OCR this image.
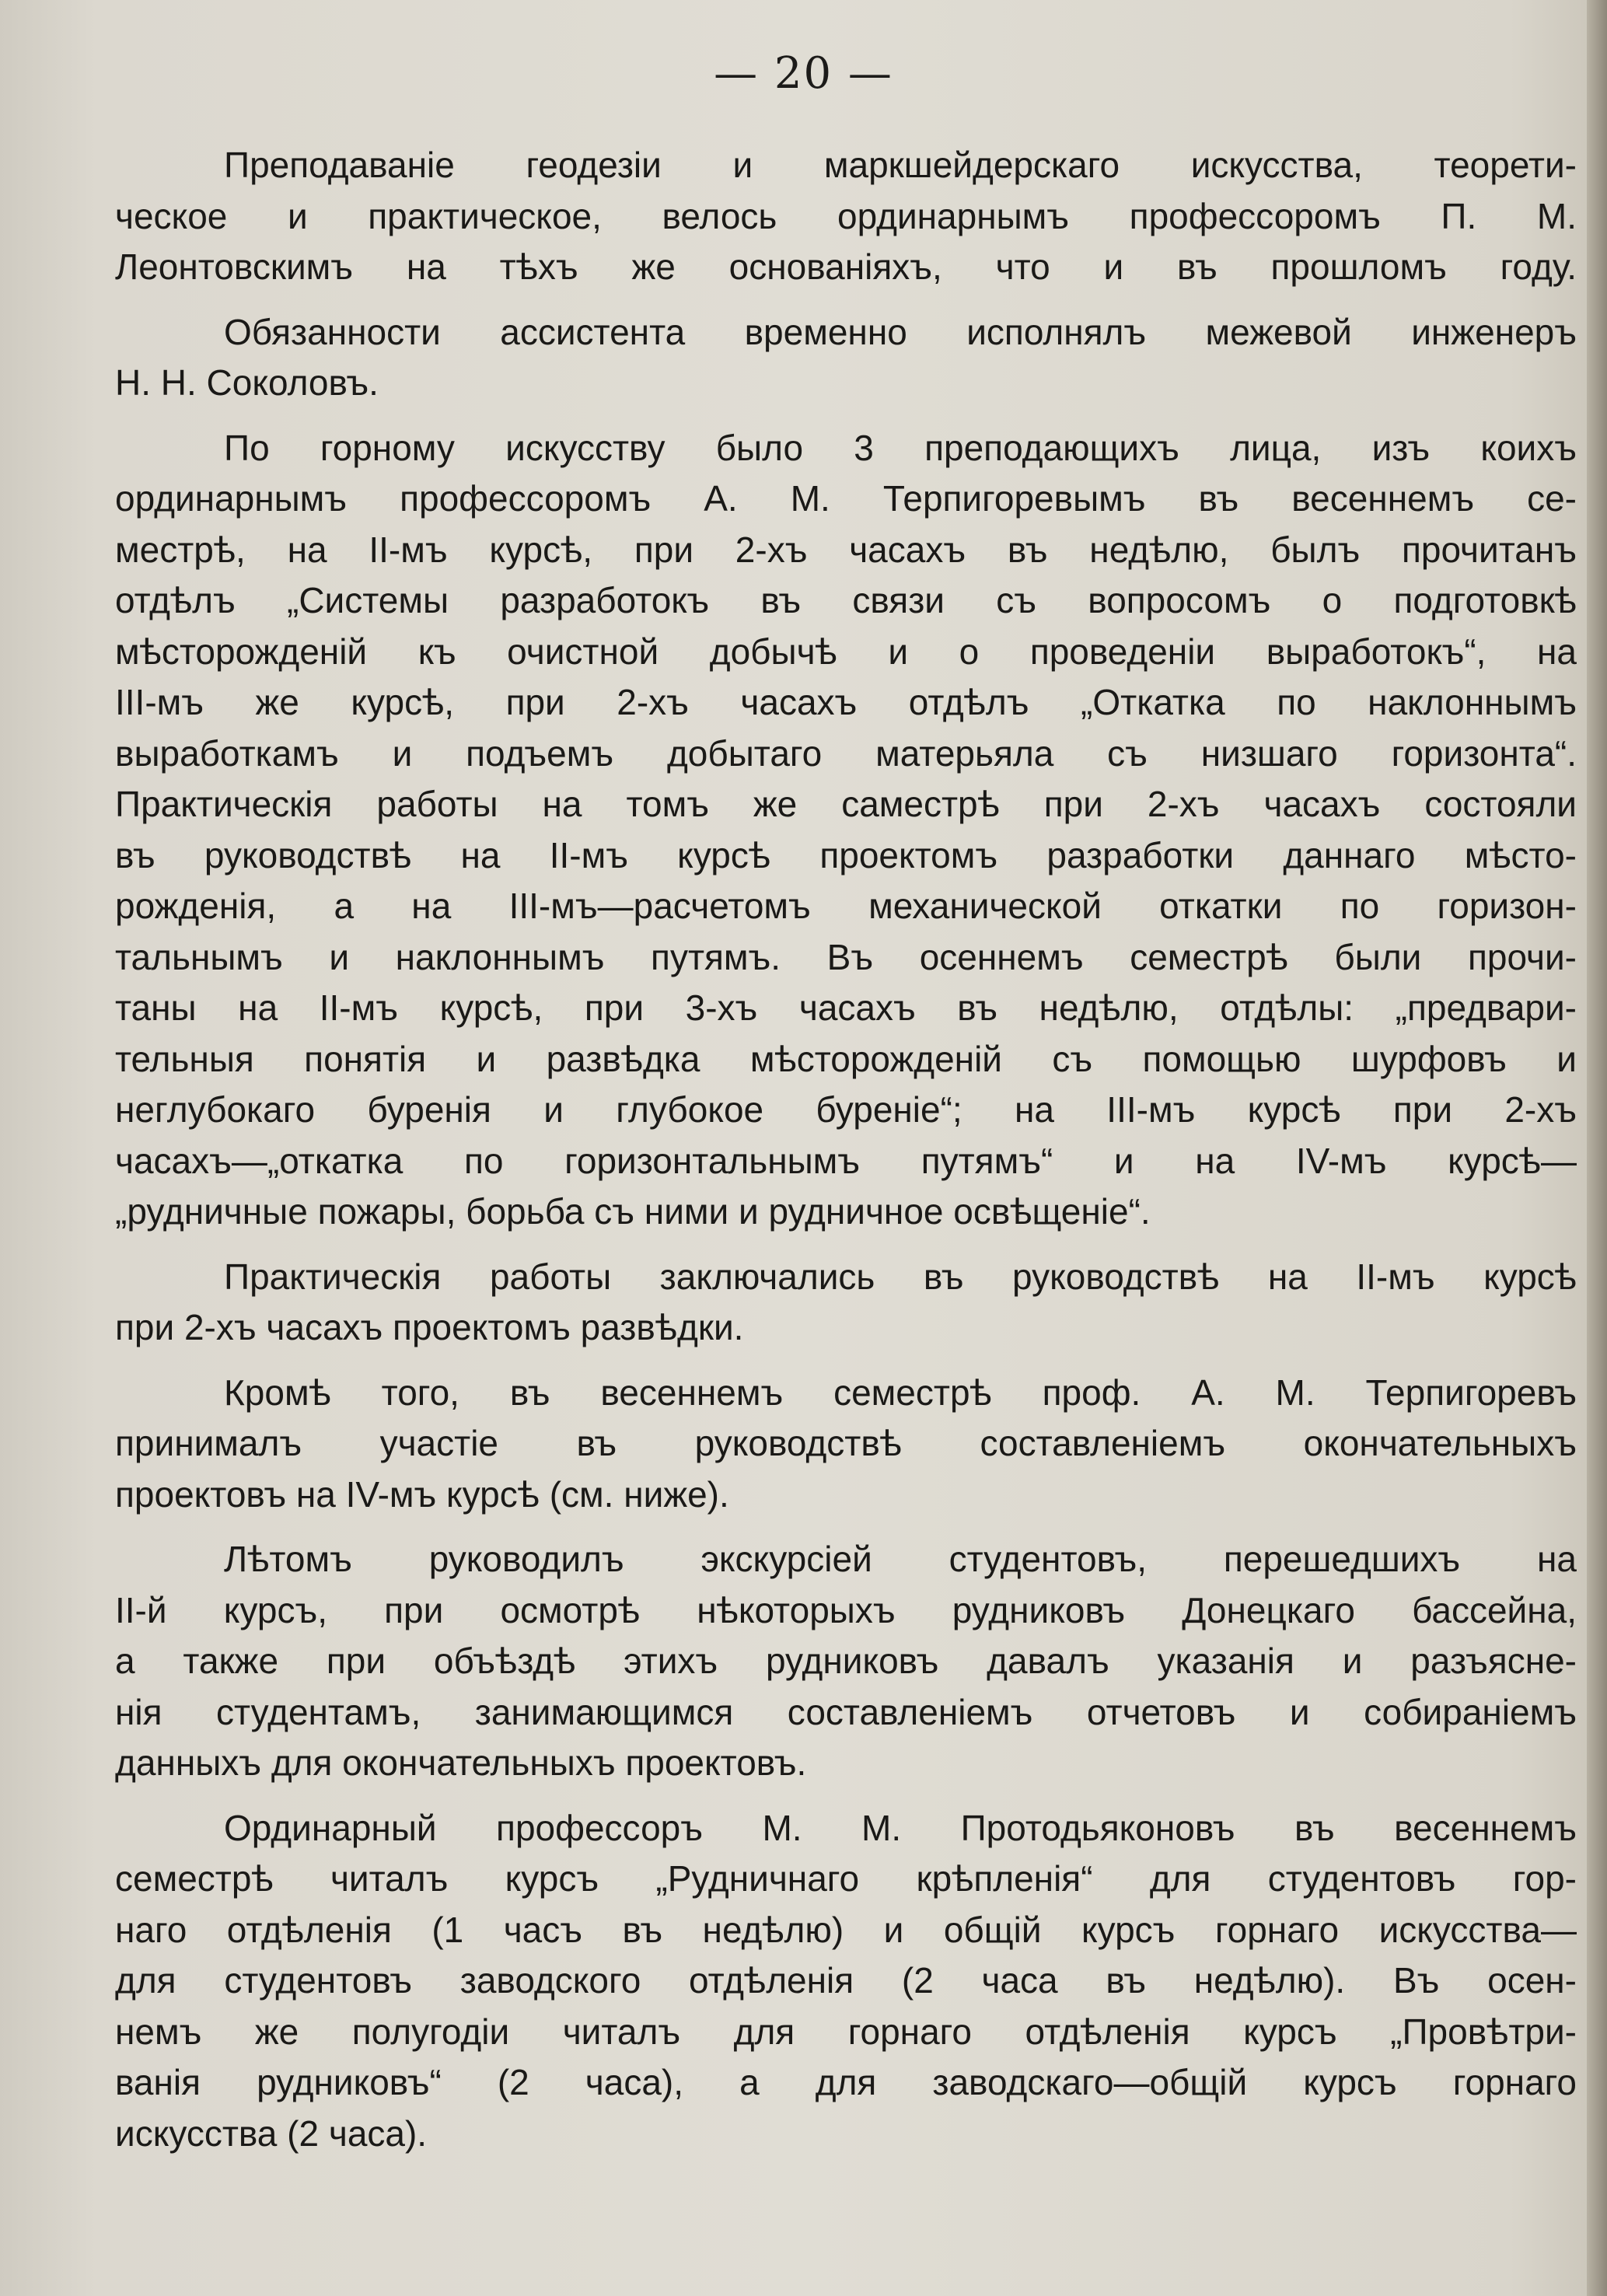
— 20 —
Преподаванiе геодезiи и маркшейдерскаго искусства, теорети-
ческое и практическое, велось ординарнымъ профессоромъ П. М.
Леонтовскимъ на тѣхъ же основанiяхъ, что и въ прошломъ году.
Обязанности ассистента временно исполнялъ межевой инженеръ
Н. Н. Соколовъ.
По горному искусству было 3 преподающихъ лица, изъ коихъ
ординарнымъ профессоромъ А. М. Терпигоревымъ въ весеннемъ се-
местрѣ, на II-мъ курсѣ, при 2-хъ часахъ въ недѣлю, былъ прочитанъ
отдѣлъ „Системы разработокъ въ связи съ вопросомъ о подготовкѣ
мѣсторожденiй къ очистной добычѣ и о проведенiи выработокъ“, на
III-мъ же курсѣ, при 2-хъ часахъ отдѣлъ „Откатка по наклоннымъ
выработкамъ и подъемъ добытаго матерьяла съ низшаго горизонта“.
Практическiя работы на томъ же саместрѣ при 2-хъ часахъ состояли
въ руководствѣ на II-мъ курсѣ проектомъ разработки даннаго мѣсто-
рожденiя, а на III-мъ—расчетомъ механической откатки по горизон-
тальнымъ и наклоннымъ путямъ. Въ осеннемъ семестрѣ были прочи-
таны на II-мъ курсѣ, при 3-хъ часахъ въ недѣлю, отдѣлы: „предвари-
тельныя понятiя и развѣдка мѣсторожденiй съ помощью шурфовъ и
неглубокаго буренiя и глубокое буренiе“; на III-мъ курсѣ при 2-хъ
часахъ—„откатка по горизонтальнымъ путямъ“ и на IV-мъ курсѣ—
„рудничные пожары, борьба съ ними и рудничное освѣщенiе“.
Практическiя работы заключались въ руководствѣ на II-мъ курсѣ
при 2-хъ часахъ проектомъ развѣдки.
Кромѣ того, въ весеннемъ семестрѣ проф. А. М. Терпигоревъ
принималъ участiе въ руководствѣ составленiемъ окончательныхъ
проектовъ на IV-мъ курсѣ (см. ниже).
Лѣтомъ руководилъ экскурсiей студентовъ, перешедшихъ на
II-й курсъ, при осмотрѣ нѣкоторыхъ рудниковъ Донецкаго бассейна,
а также при объѣздѣ этихъ рудниковъ давалъ указанiя и разъясне-
нiя студентамъ, занимающимся составленiемъ отчетовъ и собиранiемъ
данныхъ для окончательныхъ проектовъ.
Ординарный профессоръ М. М. Протодьяконовъ въ весеннемъ
семестрѣ читалъ курсъ „Рудничнаго крѣпленiя“ для студентовъ гор-
наго отдѣленiя (1 часъ въ недѣлю) и общiй курсъ горнаго искусства—
для студентовъ заводского отдѣленiя (2 часа въ недѣлю). Въ осен-
немъ же полугодiи читалъ для горнаго отдѣленiя курсъ „Провѣтри-
ванiя рудниковъ“ (2 часа), а для заводскаго—общiй курсъ горнаго
искусства (2 часа).
